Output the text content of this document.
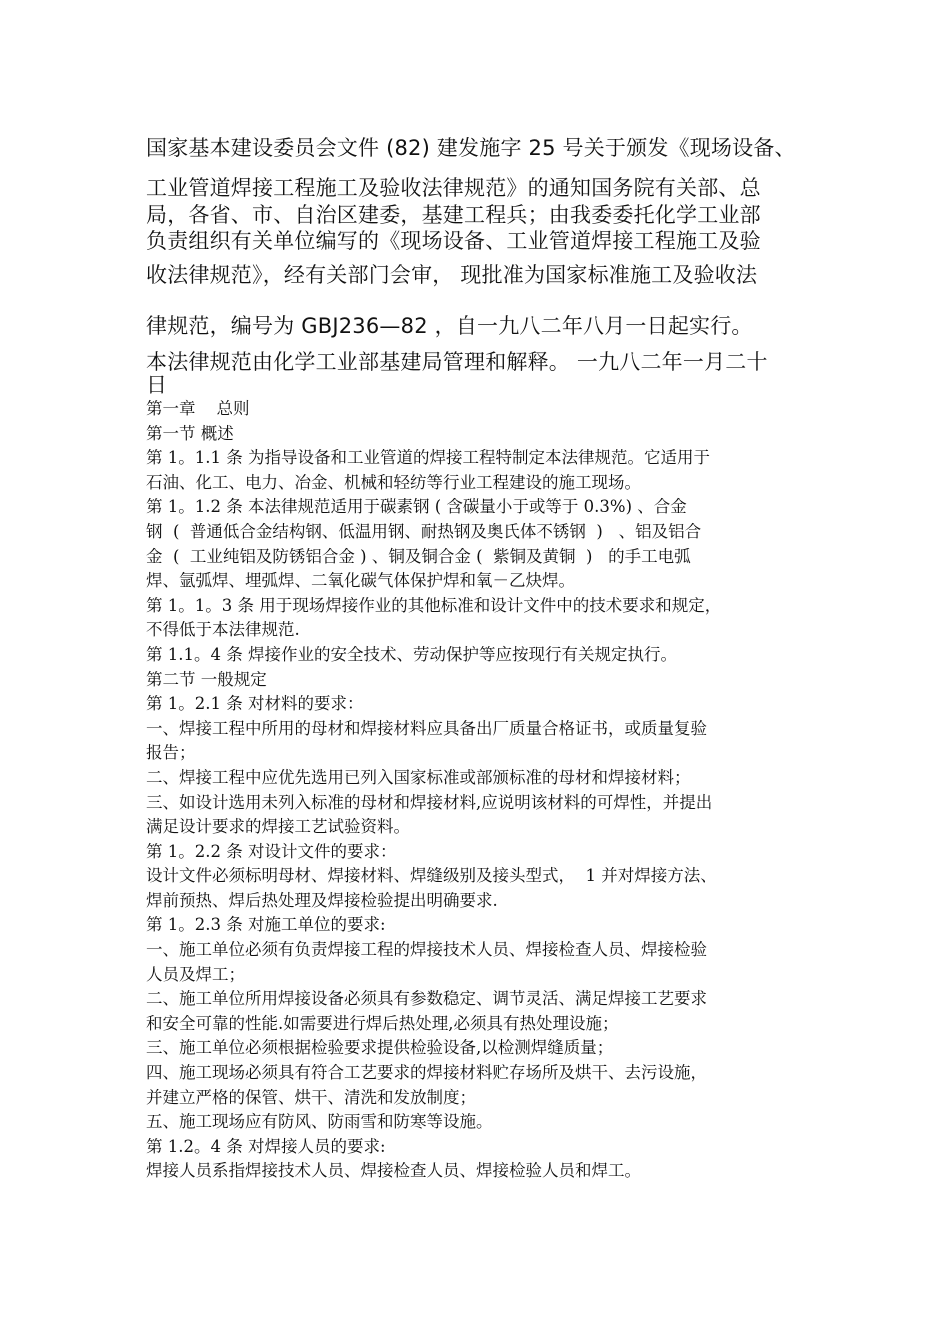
国家基本建设委员会文件 (82) 建发施字 25 号关于颁发《现场设备、
工业管道焊接工程施工及验收法律规范》的通知国务院有关部、总
局，各省、市、自治区建委，基建工程兵；由我委委托化学工业部
负责组织有关单位编写的《现场设备、工业管道焊接工程施工及验
收法律规范》，经有关部门会审， 现批准为国家标准施工及验收法
律规范，编号为 GBJ236—82 ，自一九八二年八月一日起实行。
本法律规范由化学工业部基建局管理和解释。 一九八二年一月二十
日

第一章    总则

第一节 概述

第 1。1.1 条 为指导设备和工业管道的焊接工程特制定本法律规范。它适用于

石油、化工、电力、冶金、机械和轻纺等行业工程建设的施工现场。

第 1。1.2 条 本法律规范适用于碳素钢 ( 含碳量小于或等于 0.3%) 、合金

钢  (  普通低合金结构钢、低温用钢、耐热钢及奥氏体不锈钢  )   、铝及铝合

金  (  工业纯铝及防锈铝合金 ) 、铜及铜合金 (  紫铜及黄铜  )   的手工电弧

焊、氩弧焊、埋弧焊、二氧化碳气体保护焊和氧－乙炔焊。

第 1。1。3 条 用于现场焊接作业的其他标准和设计文件中的技术要求和规定，

不得低于本法律规范.

第 1.1。4 条 焊接作业的安全技术、劳动保护等应按现行有关规定执行。

第二节 一般规定

第 1。2.1 条 对材料的要求：

一、焊接工程中所用的母材和焊接材料应具备出厂质量合格证书，或质量复验

报告；

二、焊接工程中应优先选用已列入国家标准或部颁标准的母材和焊接材料；

三、如设计选用未列入标准的母材和焊接材料,应说明该材料的可焊性，并提出

满足设计要求的焊接工艺试验资料。

第 1。2.2 条 对设计文件的要求：

设计文件必须标明母材、焊接材料、焊缝级别及接头型式，  1 并对焊接方法、

焊前预热、焊后热处理及焊接检验提出明确要求.

第 1。2.3 条 对施工单位的要求:

一、施工单位必须有负责焊接工程的焊接技术人员、焊接检查人员、焊接检验

人员及焊工；

二、施工单位所用焊接设备必须具有参数稳定、调节灵活、满足焊接工艺要求

和安全可靠的性能.如需要进行焊后热处理,必须具有热处理设施；

三、施工单位必须根据检验要求提供检验设备,以检测焊缝质量；

四、施工现场必须具有符合工艺要求的焊接材料贮存场所及烘干、去污设施，

并建立严格的保管、烘干、清洗和发放制度；

五、施工现场应有防风、防雨雪和防寒等设施。

第 1.2。4 条 对焊接人员的要求:

焊接人员系指焊接技术人员、焊接检查人员、焊接检验人员和焊工。
